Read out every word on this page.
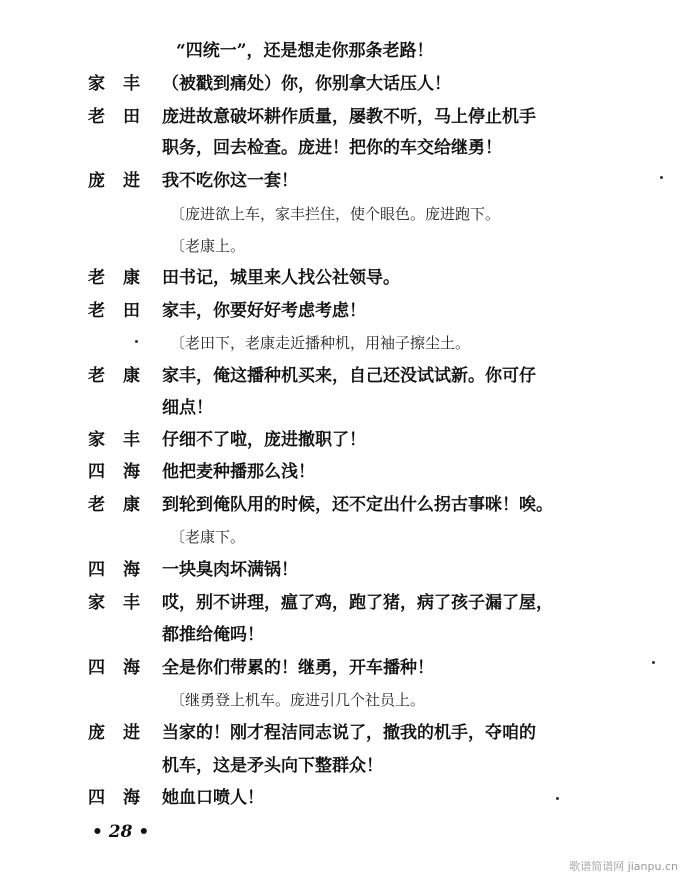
“四统一”，还是想走你那条老路！
家丰 （被戳到痛处）你，你别拿大话压人！
老田 庞进故意破坏耕作质量，屡教不听，马上停止机手
职务，回去检查。庞进！把你的车交给继勇！
庞进 我不吃你这一套！
〔庞进欲上车，家丰拦住，使个眼色。庞进跑下。
〔老康上。
老康 田书记，城里来人找公社领导。
老田 家丰，你要好好考虑考虑！
〔老田下，老康走近播种机，用袖子擦尘土。
老康 家丰，俺这播种机买来，自己还没试试新。你可仔
细点！
家丰 仔细不了啦，庞进撤职了！
四海 他把麦种播那么浅！
老康 到轮到俺队用的时候，还不定出什么拐古事咪！唉。
〔老康下。
四海 一块臭肉坏满锅！
家丰 哎，别不讲理，瘟了鸡，跑了猪，病了孩子漏了屋，
都推给俺吗！
四海 全是你们带累的！继勇，开车播种！
〔继勇登上机车。庞进引几个社员上。
庞进 当家的！刚才程洁同志说了，撤我的机手，夺咱的
机车，这是矛头向下整群众！
四海 她血口喷人！
• 28 •
歌谱简谱网 jianpu.cn
